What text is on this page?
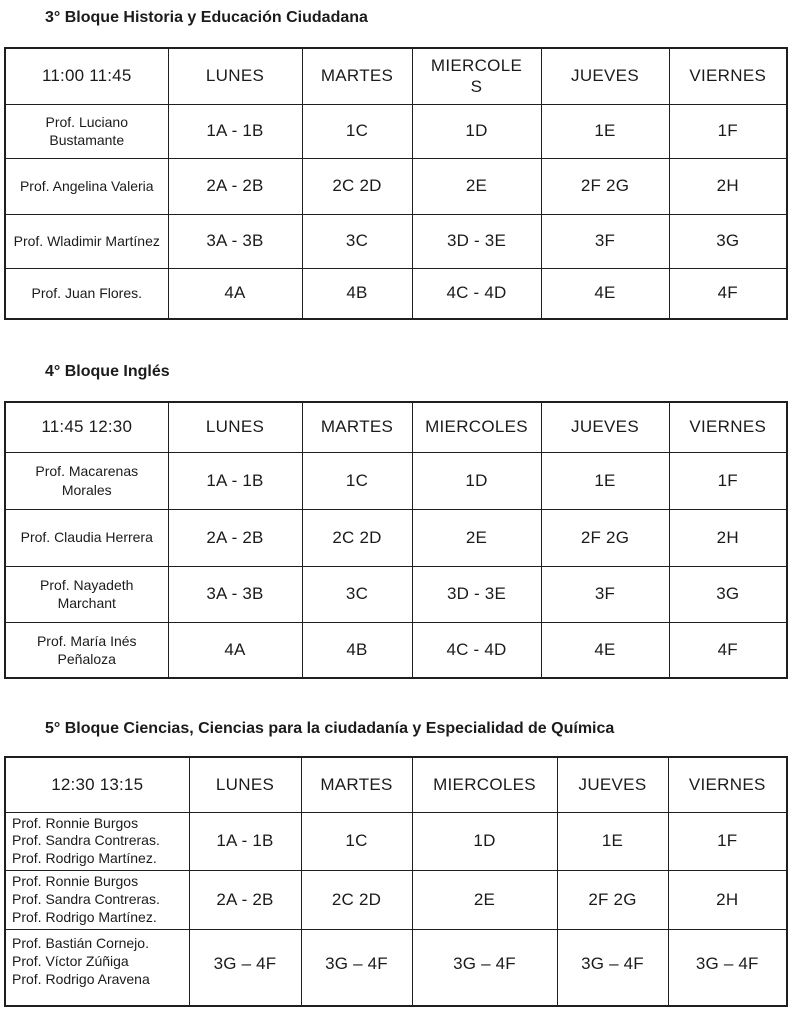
3° Bloque Historia y Educación Ciudadana
11:00 11:45	LUNES	MARTES	MIERCOLES	JUEVES	VIERNES
Prof. Luciano Bustamante	1A - 1B	1C	1D	1E	1F
Prof. Angelina Valeria	2A - 2B	2C 2D	2E	2F 2G	2H
Prof. Wladimir Martínez	3A - 3B	3C	3D - 3E	3F	3G
Prof. Juan Flores.	4A	4B	4C - 4D	4E	4F
4° Bloque Inglés
11:45 12:30	LUNES	MARTES	MIERCOLES	JUEVES	VIERNES
Prof. Macarenas Morales	1A - 1B	1C	1D	1E	1F
Prof. Claudia Herrera	2A - 2B	2C 2D	2E	2F 2G	2H
Prof. Nayadeth Marchant	3A - 3B	3C	3D - 3E	3F	3G
Prof. María Inés Peñaloza	4A	4B	4C - 4D	4E	4F
5° Bloque Ciencias, Ciencias para la ciudadanía y Especialidad de Química
12:30 13:15	LUNES	MARTES	MIERCOLES	JUEVES	VIERNES

Prof. Ronnie Burgos
Prof. Sandra Contreras.
Prof. Rodrigo Martínez.	1A - 1B	1C	1D	1E	1F

Prof. Ronnie Burgos
Prof. Sandra Contreras.
Prof. Rodrigo Martínez.	2A - 2B	2C 2D	2E	2F 2G	2H

Prof. Bastián Cornejo.
Prof. Víctor Zúñiga
Prof. Rodrigo Aravena	3G – 4F	3G – 4F	3G – 4F	3G – 4F	3G – 4F
